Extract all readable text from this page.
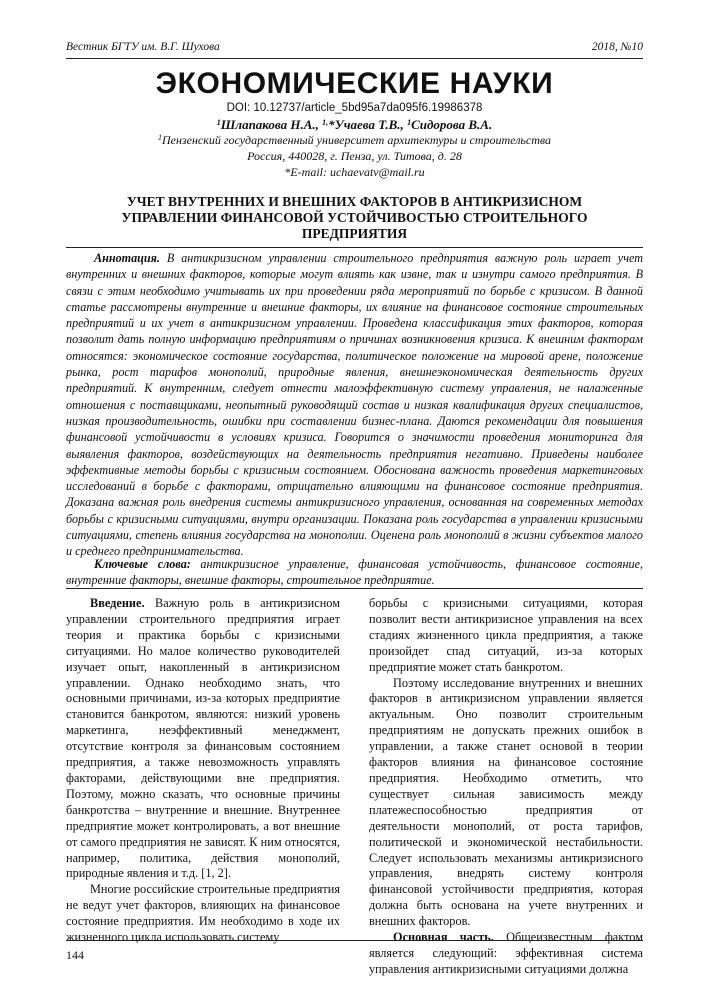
Вестник БГТУ им. В.Г. Шухова	2018, №10
ЭКОНОМИЧЕСКИЕ НАУКИ
DOI: 10.12737/article_5bd95a7da095f6.19986378
$^1$Шлапакова Н.А., $^{1,}$*Учаева Т.В., $^1$Сидорова В.А.
$^1$Пензенский государственный университет архитектуры и строительства
Россия, 440028, г. Пенза, ул. Титова, д. 28
*E-mail: uchaevatv@mail.ru
УЧЕТ ВНУТРЕННИХ И ВНЕШНИХ ФАКТОРОВ В АНТИКРИЗИСНОМ УПРАВЛЕНИИ ФИНАНСОВОЙ УСТОЙЧИВОСТЬЮ СТРОИТЕЛЬНОГО ПРЕДПРИЯТИЯ
Аннотация. В антикризисном управлении строительного предприятия важную роль играет учет внутренних и внешних факторов, которые могут влиять как извне, так и изнутри самого предприятия. В связи с этим необходимо учитывать их при проведении ряда мероприятий по борьбе с кризисом. В данной статье рассмотрены внутренние и внешние факторы, их влияние на финансовое состояние строительных предприятий и их учет в антикризисном управлении. Проведена классификация этих факторов, которая позволит дать полную информацию предприятиям о причинах возникновения кризиса. К внешним факторам относятся: экономическое состояние государства, политическое положение на мировой арене, положение рынка, рост тарифов монополий, природные явления, внешнеэкономическая деятельность других предприятий. К внутренним, следует отнести малоэффективную систему управления, не налаженные отношения с поставщиками, неопытный руководящий состав и низкая квалификация других специалистов, низкая производительность, ошибки при составлении бизнес-плана. Даются рекомендации для повышения финансовой устойчивости в условиях кризиса. Говорится о значимости проведения мониторинга для выявления факторов, воздействующих на деятельность предприятия негативно. Приведены наиболее эффективные методы борьбы с кризисным состоянием. Обоснована важность проведения маркетинговых исследований в борьбе с факторами, отрицательно влияющими на финансовое состояние предприятия. Доказана важная роль внедрения системы антикризисного управления, основанная на современных методах борьбы с кризисными ситуациями, внутри организации. Показана роль государства в управлении кризисными ситуациями, степень влияния государства на монополии. Оценена роль монополий в жизни субъектов малого и среднего предпринимательства.
Ключевые слова: антикризисное управление, финансовая устойчивость, финансовое состояние, внутренние факторы, внешние факторы, строительное предприятие.

Введение. Важную роль в антикризисном управлении строительного предприятия играет теория и практика борьбы с кризисными ситуациями. Но малое количество руководителей изучает опыт, накопленный в антикризисном управлении. Однако необходимо знать, что основными причинами, из-за которых предприятие становится банкротом, являются: низкий уровень маркетинга, неэффективный менеджмент, отсутствие контроля за финансовым состоянием предприятия, а также невозможность управлять факторами, действующими вне предприятия. Поэтому, можно сказать, что основные причины банкротства – внутренние и внешние. Внутреннее предприятие может контролировать, а вот внешние от самого предприятия не зависят. К ним относятся, например, политика, действия монополий, природные явления и т.д. [1, 2].

Многие российские строительные предприятия не ведут учет факторов, влияющих на финансовое состояние предприятия. Им необходимо в ходе их жизненного цикла использовать систему

борьбы с кризисными ситуациями, которая позволит вести антикризисное управления на всех стадиях жизненного цикла предприятия, а также произойдет спад ситуаций, из-за которых предприятие может стать банкротом.

Поэтому исследование внутренних и внешних факторов в антикризисном управлении является актуальным. Оно позволит строительным предприятиям не допускать прежних ошибок в управлении, а также станет основой в теории факторов влияния на финансовое состояние предприятия. Необходимо отметить, что существует сильная зависимость между платежеспособностью предприятия от деятельности монополий, от роста тарифов, политической и экономической нестабильности. Следует использовать механизмы антикризисного управления, внедрять систему контроля финансовой устойчивости предприятия, которая должна быть основана на учете внутренних и внешних факторов.

Основная часть. Общеизвестным фактом является следующий: эффективная система управления антикризисными ситуациями должна

144
